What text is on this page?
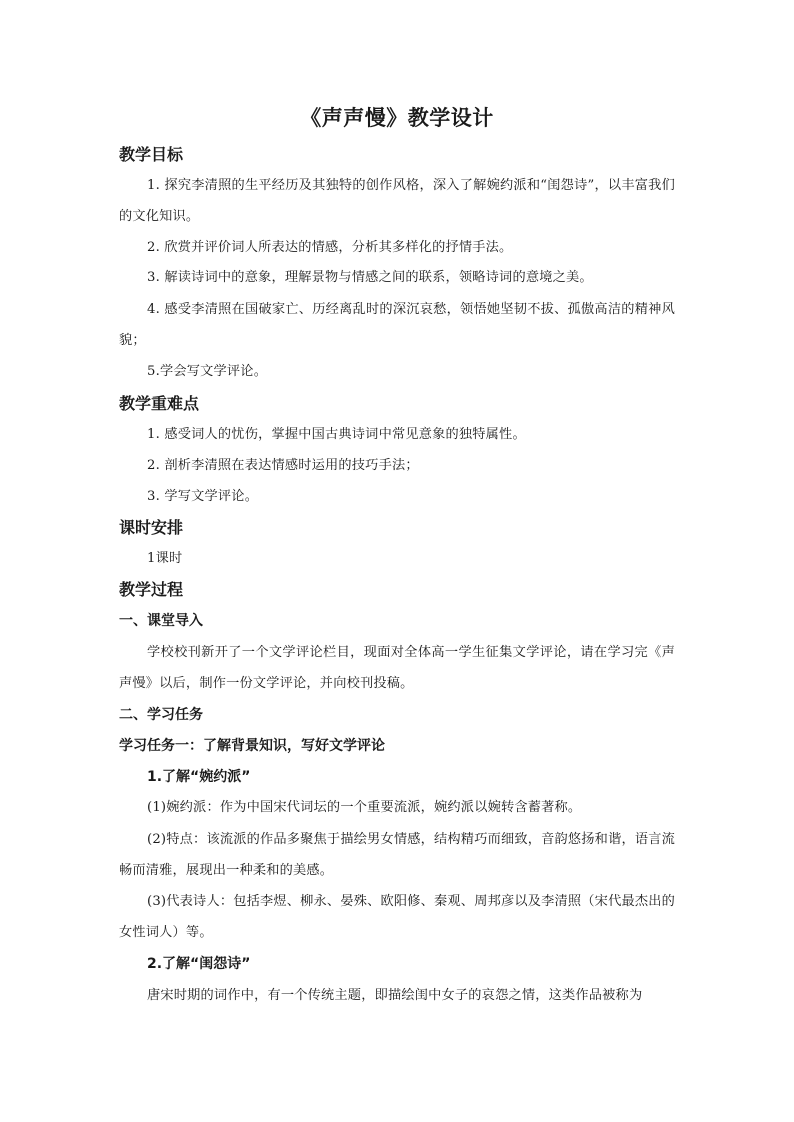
《声声慢》教学设计
教学目标
1. 探究李清照的生平经历及其独特的创作风格，深入了解婉约派和“闺怨诗”，以丰富我们的文化知识。
2. 欣赏并评价词人所表达的情感，分析其多样化的抒情手法。
3. 解读诗词中的意象，理解景物与情感之间的联系，领略诗词的意境之美。
4. 感受李清照在国破家亡、历经离乱时的深沉哀愁，领悟她坚韧不拔、孤傲高洁的精神风貌；
5.学会写文学评论。
教学重难点
1. 感受词人的忧伤，掌握中国古典诗词中常见意象的独特属性。
2. 剖析李清照在表达情感时运用的技巧手法；
3. 学写文学评论。
课时安排
1课时
教学过程
一、课堂导入
学校校刊新开了一个文学评论栏目，现面对全体高一学生征集文学评论，请在学习完《声声慢》以后，制作一份文学评论，并向校刊投稿。
二、学习任务
学习任务一：了解背景知识，写好文学评论
1.了解“婉约派”
(1)婉约派：作为中国宋代词坛的一个重要流派，婉约派以婉转含蓄著称。
(2)特点：该流派的作品多聚焦于描绘男女情感，结构精巧而细致，音韵悠扬和谐，语言流畅而清雅，展现出一种柔和的美感。
(3)代表诗人：包括李煜、柳永、晏殊、欧阳修、秦观、周邦彦以及李清照（宋代最杰出的女性词人）等。
2.了解“闺怨诗”
唐宋时期的词作中，有一个传统主题，即描绘闺中女子的哀怨之情，这类作品被称为
